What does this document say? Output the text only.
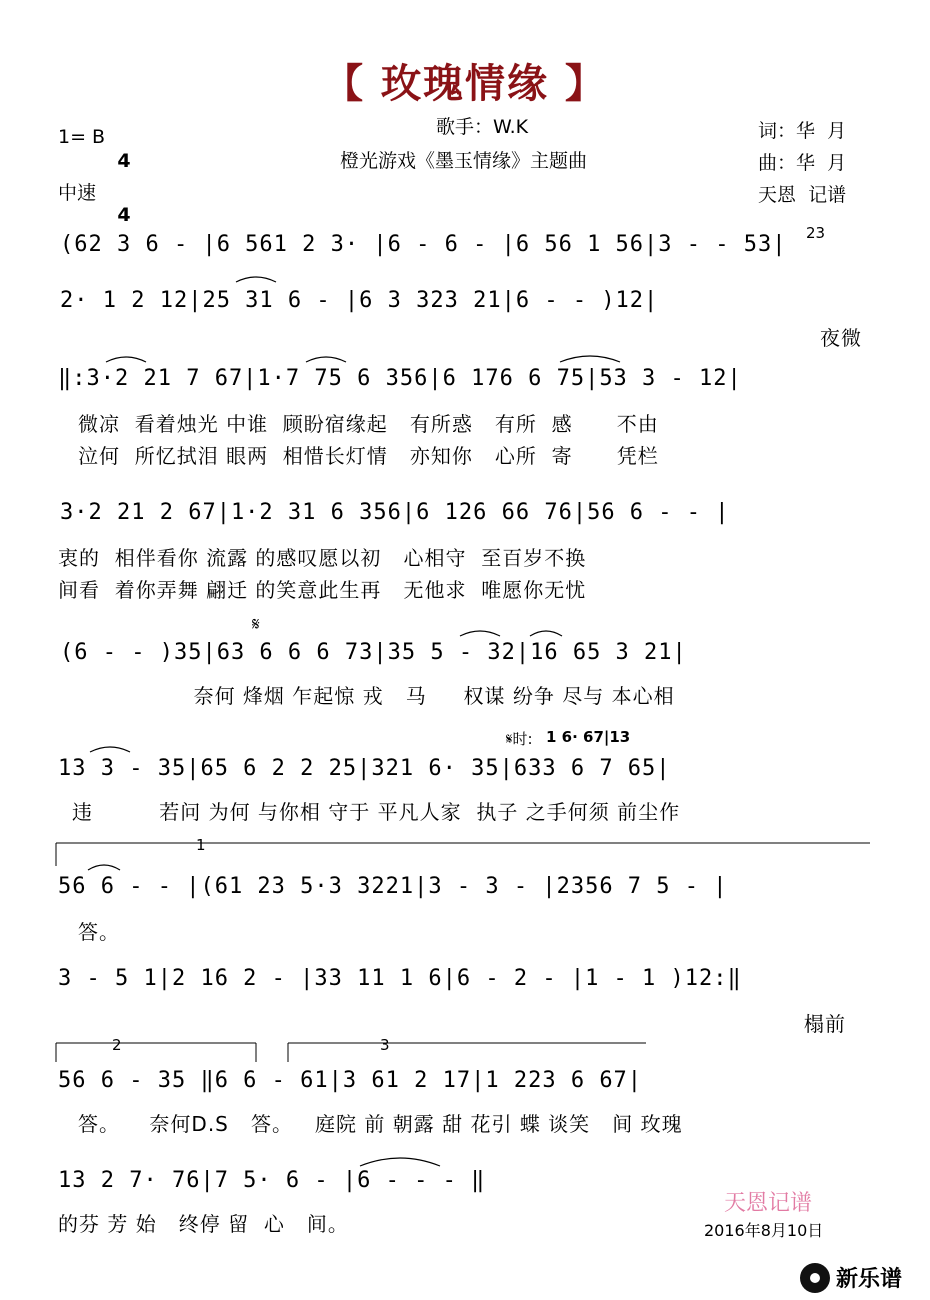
【 玫瑰情缘 】
1= B

4

4

中速
歌手：W.K
橙光游戏《墨玉情缘》主题曲
词：华  月
曲：华  月
天恩  记谱
(62 3 6 - |6 561 2 3· |6 - 6 - |6 56 1 56|3 - - 53| 23
2· 1 2 12|25 31 6 - |6 3 323 21|6 - - )12|
夜微
‖:3·2 21 7 67|1·7 75 6 356|6 176 6 75|53 3 - 12|
微凉  看着烛光 中谁  顾盼宿缘起   有所惑   有所  感      不由
泣何  所忆拭泪 眼两  相惜长灯情   亦知你   心所  寄      凭栏
3·2 21 2 67|1·2 31 6 356|6 126 66 76|56 6 - - |
衷的  相伴看你 流露 的感叹愿以初   心相守  至百岁不换
间看  着你弄舞 翩迁 的笑意此生再   无他求  唯愿你无忧
𝄋
(6 - - )35|63 6 6 6 73|35 5 - 32|16 65 3 21|
奈何 烽烟 乍起惊 戎   马     权谋 纷争 尽与 本心相
𝄋时: 1 6· 67|13
13 3 - 35|65 6 2 2 25|321 6· 35|633 6 7 65|
违         若问 为何 与你相 守于 平凡人家  执子 之手何须 前尘作
1
56 6 - - |(61 23 5·3 3221|3 - 3 - |2356 7 5 - |
答。
3 - 5 1|2 16 2 - |33 11 1 6|6 - 2 - |1 - 1 )12:‖
榻前
2	3
56 6 - 35 ‖6 6 - 61|3 61 2 17|1 223 6 67|
答。    奈何D.S   答。   庭院 前 朝露 甜 花引 蝶 谈笑   间 玫瑰
13 2 7· 76|7 5· 6 - |6 - - - ‖
的芬 芳 始   终停 留  心   间。
天恩记谱
2016年8月10日
新乐谱
